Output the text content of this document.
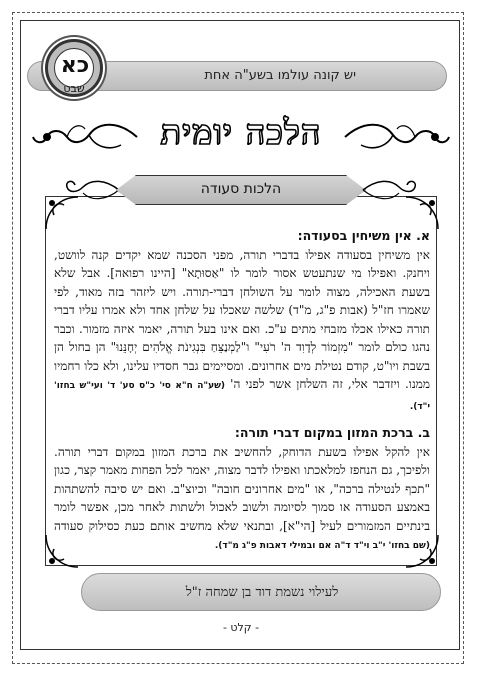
יש קונה עולמו בשע"ה אחת
כא
שבט
הלכה יומית

א. אין משיחין בסעודה:
אין משיחין בסעודה אפילו בדברי תורה, מפני הסכנה שמא יקדים קנה לוושט, ויחנק. ואפילו מי שנתעטש אסור לומר לו "אַסוּתָא" [היינו רפואה]. אבל שלא בשעת האכילה, מצוה לומר על השולחן דברי-תורה. ויש ליזהר בזה מאוד, לפי שאמרו חז"ל (אבות פ"ג, מ"ד) שלשה שאכלו על שלחן אחד ולא אמרו עליו דברי תורה כאילו אכלו מזבחי מתים ע"כ. ואם אינו בעל תורה, יאמר איזה מזמור. וכבר נהגו כולם לומר "מִזְמוֹר לְדָוִד ה' רֹעִי" ו"לַמְנַצֵּחַ בִּנְגִינֹת אֱלֹהִים יְחָנֵּנוּ" הן בחול הן בשבת ויו"ט, קודם נטילת מים אחרונים. ומסיימים גבר חסדיו עלינו, ולא כלו רחמיו ממנו. ויזדבר אלי, זה השלחן אשר לפני ה' (שע"ה ח"א סי' כ"ס סע' ד' ועי"ש בחזו' י"ד).

ב. ברכת המזון במקום דברי תורה:
אין להקל אפילו בשעת הדוחק, להחשיב את ברכת המזון במקום דברי תורה. ולפיכך, גם הנחפז למלאכתו ואפילו לדבר מצוה, יאמר לכל הפחות מאמר קצר, כגון "תכף לנטילה ברכה", או "מים אחרונים חובה" וכיוצ"ב. ואם יש סיבה להשתהות באמצע הסעודה או סמוך לסיומה ולשוב לאכול ולשתות לאחר מכן, אפשר לומר בינתיים המזמורים לעיל [הי"א], ובתנאי שלא מחשיב אותם כעת כסילוק סעודה (שם בחזו' י"ב וי"ד ד"ה אם ובמילי דאבות פ"ג מ"ד).

הלכות סעודה
לעילוי נשמת דוד בן שמחה ז"ל
- קלט -
